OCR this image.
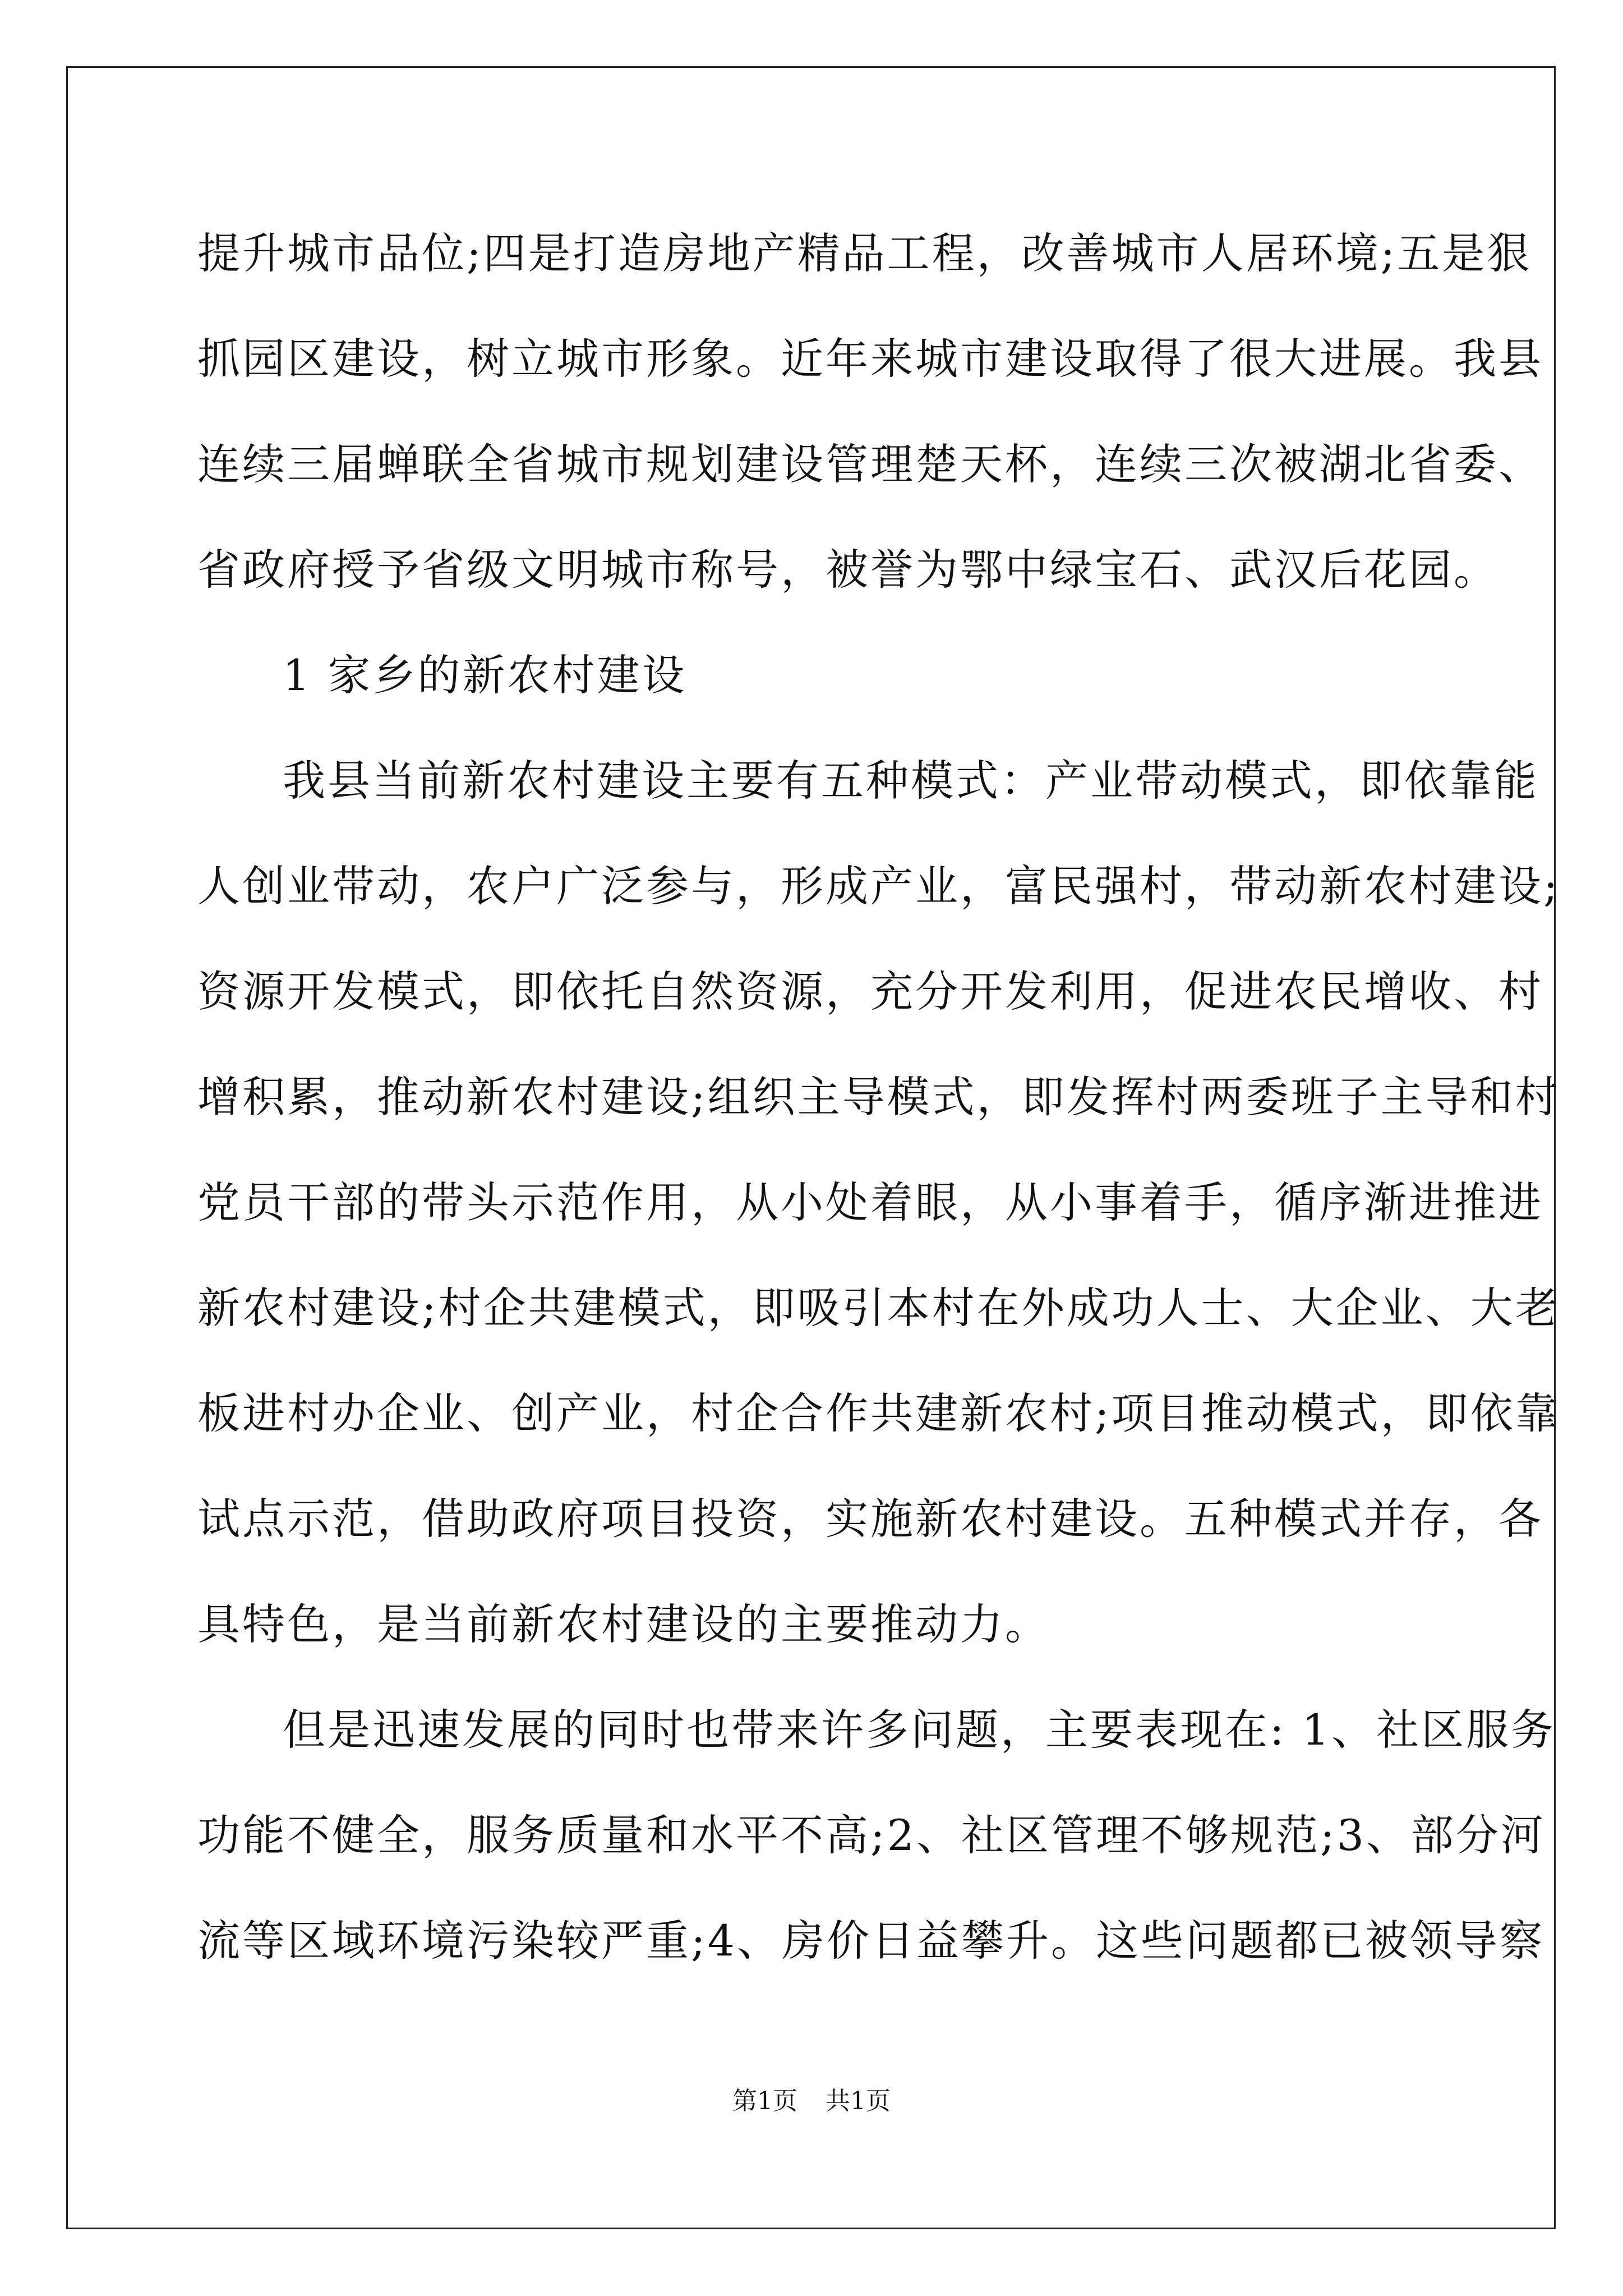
提升城市品位;四是打造房地产精品工程，改善城市人居环境;五是狠
抓园区建设，树立城市形象。近年来城市建设取得了很大进展。我县
连续三届蝉联全省城市规划建设管理楚天杯，连续三次被湖北省委、
省政府授予省级文明城市称号，被誉为鄂中绿宝石、武汉后花园。
1 家乡的新农村建设
我县当前新农村建设主要有五种模式：产业带动模式，即依靠能
人创业带动，农户广泛参与，形成产业，富民强村，带动新农村建设;
资源开发模式，即依托自然资源，充分开发利用，促进农民增收、村
增积累，推动新农村建设;组织主导模式，即发挥村两委班子主导和村
党员干部的带头示范作用，从小处着眼，从小事着手，循序渐进推进
新农村建设;村企共建模式，即吸引本村在外成功人士、大企业、大老
板进村办企业、创产业，村企合作共建新农村;项目推动模式，即依靠
试点示范，借助政府项目投资，实施新农村建设。五种模式并存，各
具特色，是当前新农村建设的主要推动力。
但是迅速发展的同时也带来许多问题，主要表现在: 1、社区服务
功能不健全，服务质量和水平不高;2、社区管理不够规范;3、部分河
流等区域环境污染较严重;4、房价日益攀升。这些问题都已被领导察
第1页 共1页
